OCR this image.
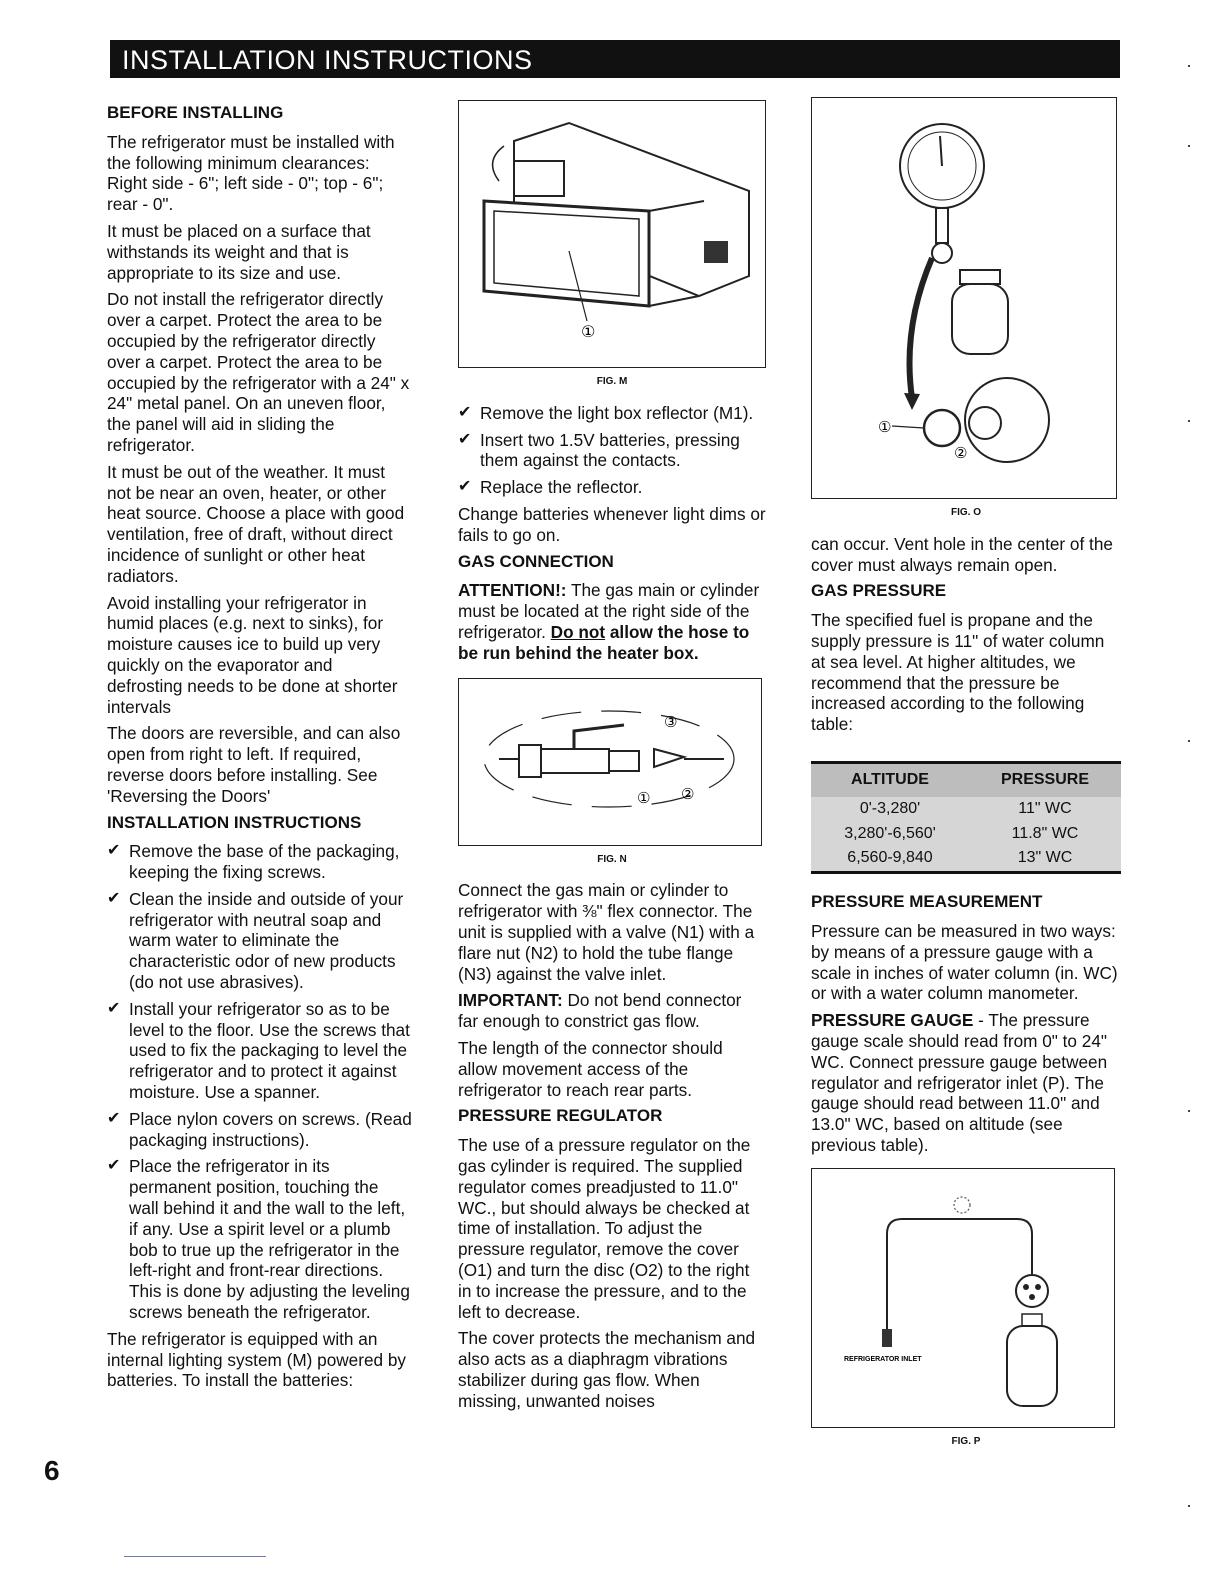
INSTALLATION INSTRUCTIONS
BEFORE INSTALLING

The refrigerator must be installed with the following minimum clearances: Right side - 6"; left side - 0"; top - 6"; rear - 0".

It must be placed on a surface that withstands its weight and that is appropriate to its size and use.

Do not install the refrigerator directly over a carpet. Protect the area to be occupied by the refrigerator directly over a carpet. Protect the area to be occupied by the refrigerator with a 24" x 24" metal panel. On an uneven floor, the panel will aid in sliding the refrigerator.

It must be out of the weather. It must not be near an oven, heater, or other heat source. Choose a place with good ventilation, free of draft, without direct incidence of sunlight or other heat radiators.

Avoid installing your refrigerator in humid places (e.g. next to sinks), for moisture causes ice to build up very quickly on the evaporator and defrosting needs to be done at shorter intervals

The doors are reversible, and can also open from right to left. If required, reverse doors before installing. See 'Reversing the Doors'

INSTALLATION INSTRUCTIONS
✔ Remove the base of the packaging, keeping the fixing screws.
✔ Clean the inside and outside of your refrigerator with neutral soap and warm water to eliminate the characteristic odor of new products (do not use abrasives).
✔ Install your refrigerator so as to be level to the floor. Use the screws that used to fix the packaging to level the refrigerator and to protect it against moisture. Use a spanner.
✔ Place nylon covers on screws. (Read packaging instructions).
✔ Place the refrigerator in its permanent position, touching the wall behind it and the wall to the left, if any. Use a spirit level or a plumb bob to true up the refrigerator in the left-right and front-rear directions. This is done by adjusting the leveling screws beneath the refrigerator.

The refrigerator is equipped with an internal lighting system (M) powered by batteries. To install the batteries:

①
FIG. M
✔ Remove the light box reflector (M1).
✔ Insert two 1.5V batteries, pressing them against the contacts.
✔ Replace the reflector.

Change batteries whenever light dims or fails to go on.

GAS CONNECTION

ATTENTION!: The gas main or cylinder must be located at the right side of the refrigerator. Do not allow the hose to be run behind the heater box.

③
① ②
FIG. N

Connect the gas main or cylinder to refrigerator with ⅜" flex connector. The unit is supplied with a valve (N1) with a flare nut (N2) to hold the tube flange (N3) against the valve inlet.

IMPORTANT: Do not bend connector far enough to constrict gas flow.

The length of the connector should allow movement access of the refrigerator to reach rear parts.

PRESSURE REGULATOR

The use of a pressure regulator on the gas cylinder is required. The supplied regulator comes preadjusted to 11.0" WC., but should always be checked at time of installation. To adjust the pressure regulator, remove the cover (O1) and turn the disc (O2) to the right in to increase the pressure, and to the left to decrease.

The cover protects the mechanism and also acts as a diaphragm vibrations stabilizer during gas flow. When missing, unwanted noises

①
②
FIG. O

can occur. Vent hole in the center of the cover must always remain open.

GAS PRESSURE

The specified fuel is propane and the supply pressure is 11" of water column at sea level. At higher altitudes, we recommend that the pressure be increased according to the following table:

ALTITUDE	PRESSURE
0'-3,280'	11" WC
3,280'-6,560'	11.8" WC
6,560-9,840	13" WC
PRESSURE MEASUREMENT

Pressure can be measured in two ways: by means of a pressure gauge with a scale in inches of water column (in. WC) or with a water column manometer.

PRESSURE GAUGE - The pressure gauge scale should read from 0" to 24" WC. Connect pressure gauge between regulator and refrigerator inlet (P). The gauge should read between 11.0" and 13.0" WC, based on altitude (see previous table).

REFRIGERATOR INLET
FIG. P
6
